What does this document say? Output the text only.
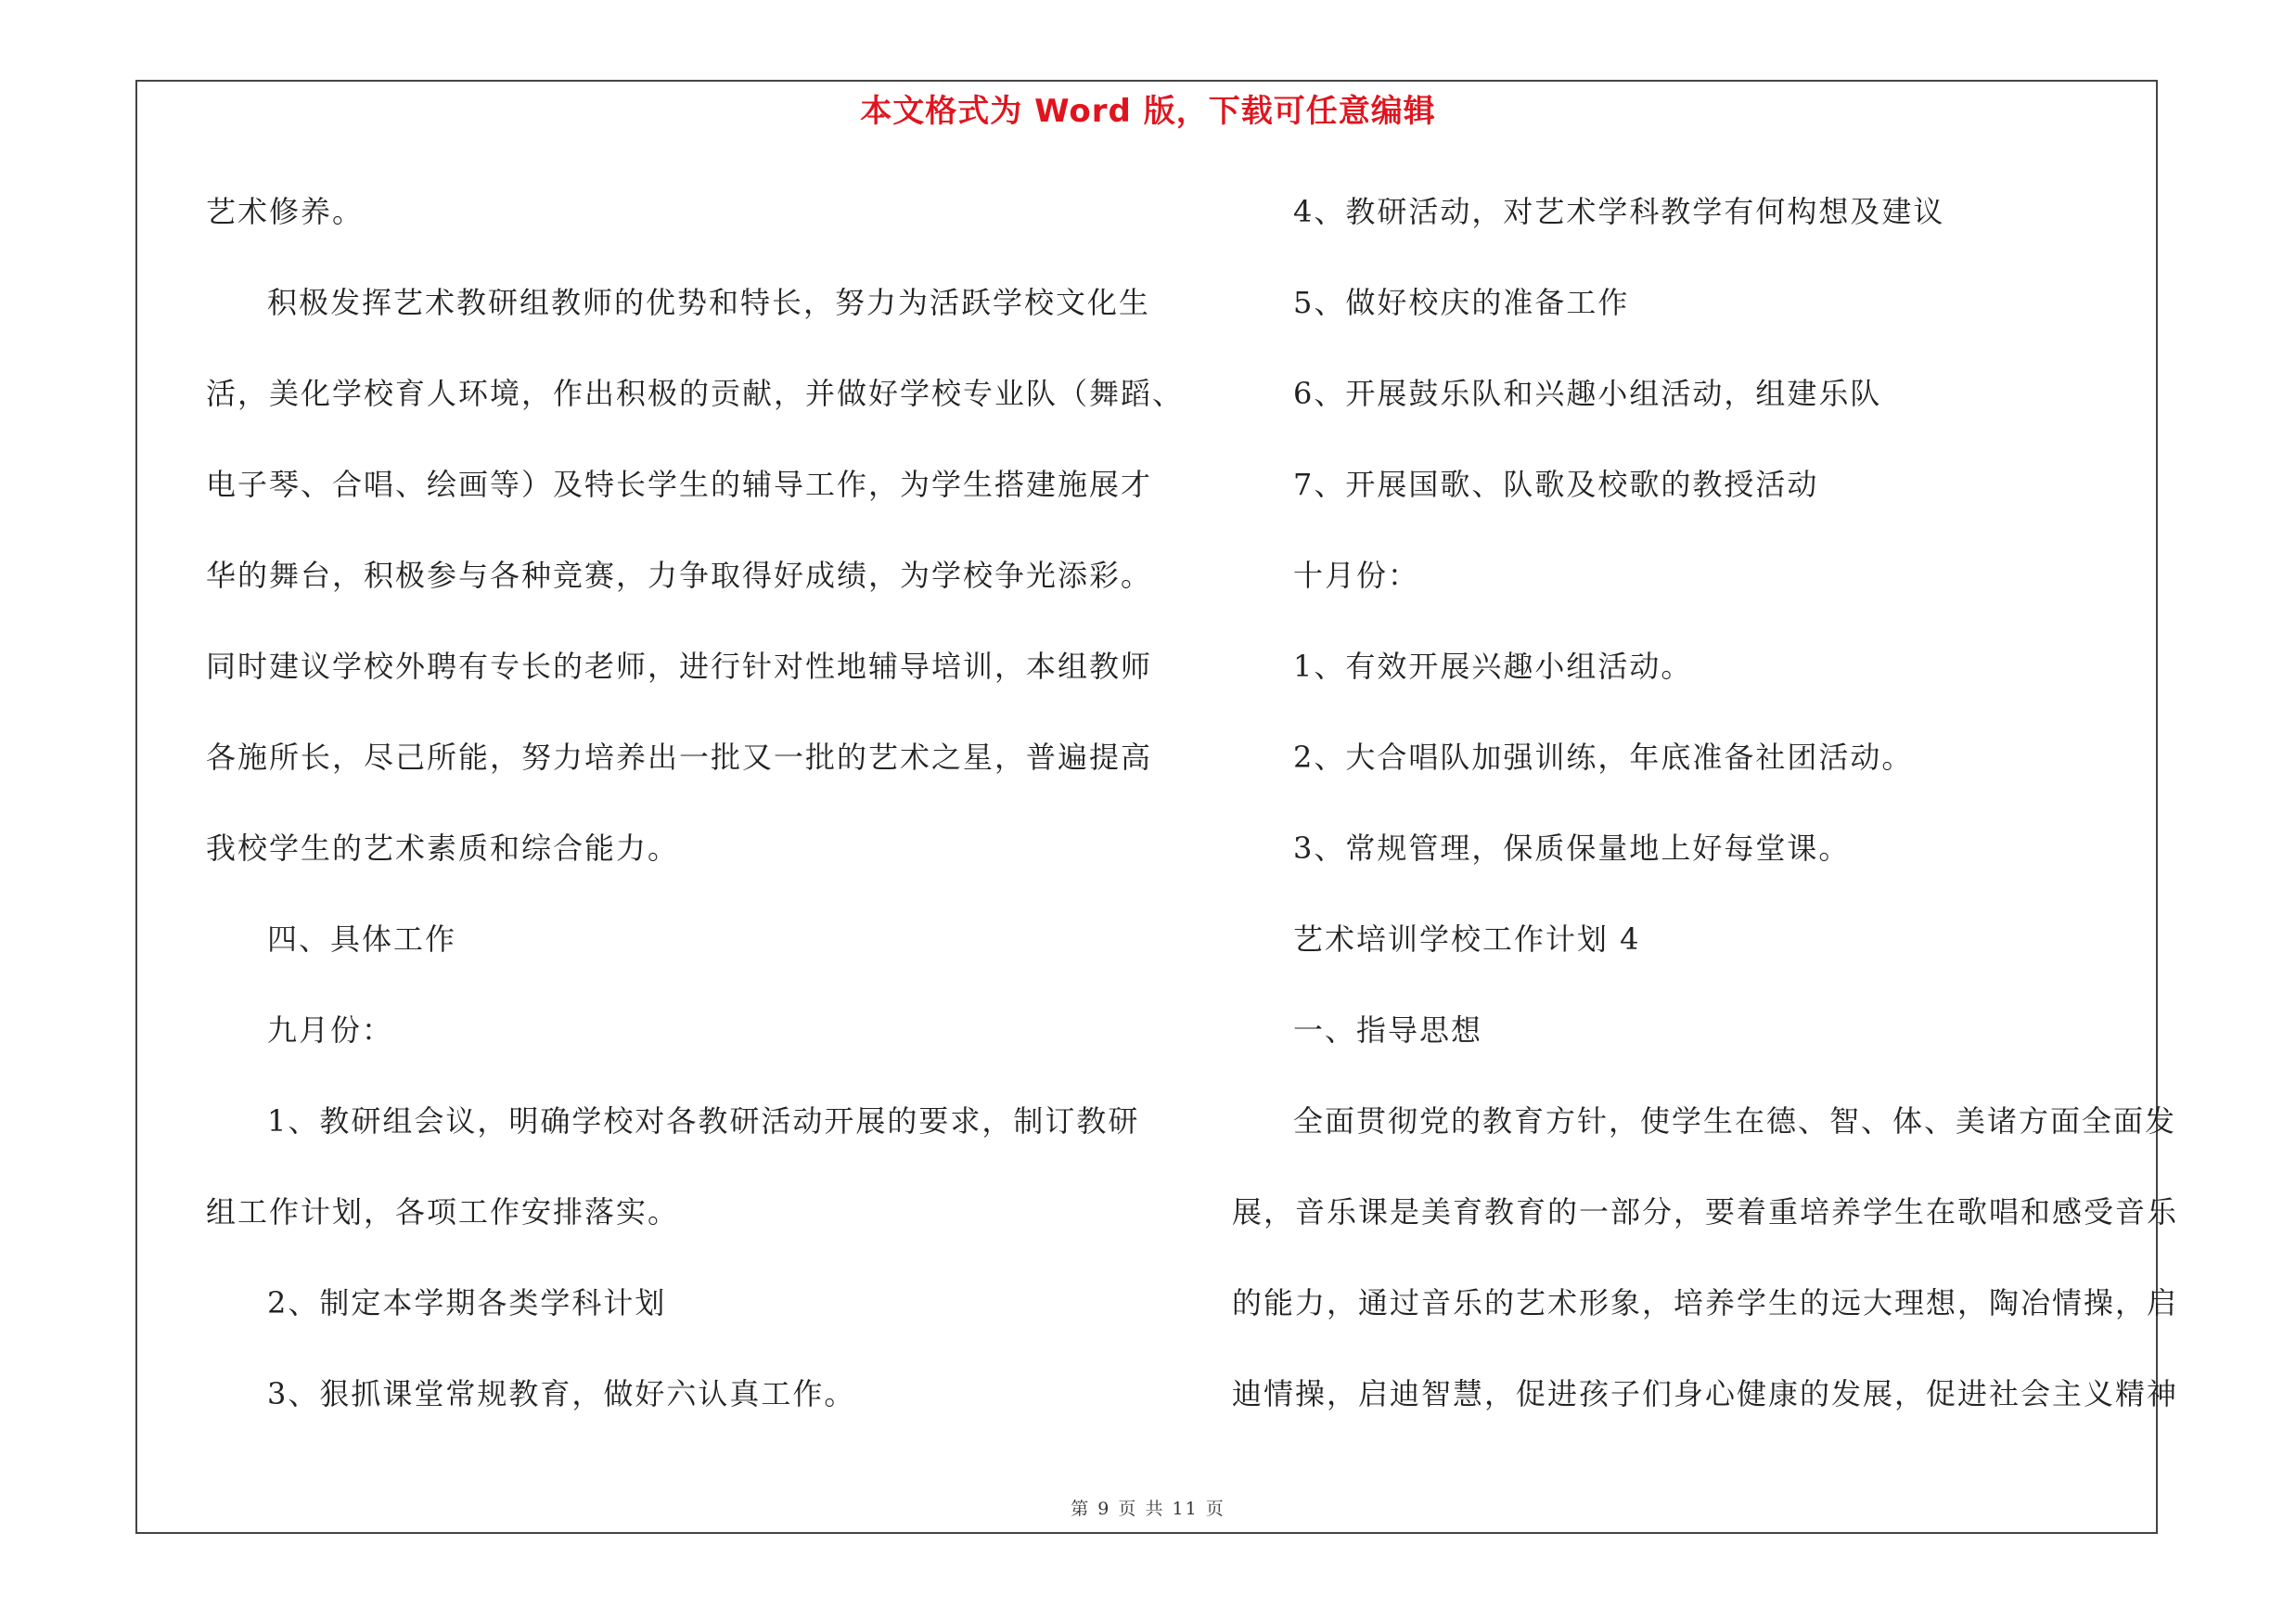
本文格式为 Word 版，下载可任意编辑
艺术修养。
积极发挥艺术教研组教师的优势和特长，努力为活跃学校文化生
活，美化学校育人环境，作出积极的贡献，并做好学校专业队（舞蹈、
电子琴、合唱、绘画等）及特长学生的辅导工作，为学生搭建施展才
华的舞台，积极参与各种竞赛，力争取得好成绩，为学校争光添彩。
同时建议学校外聘有专长的老师，进行针对性地辅导培训，本组教师
各施所长，尽己所能，努力培养出一批又一批的艺术之星，普遍提高
我校学生的艺术素质和综合能力。
四、具体工作
九月份：
1、教研组会议，明确学校对各教研活动开展的要求，制订教研
组工作计划，各项工作安排落实。
2、制定本学期各类学科计划
3、狠抓课堂常规教育，做好六认真工作。
4、教研活动，对艺术学科教学有何构想及建议
5、做好校庆的准备工作
6、开展鼓乐队和兴趣小组活动，组建乐队
7、开展国歌、队歌及校歌的教授活动
十月份：
1、有效开展兴趣小组活动。
2、大合唱队加强训练，年底准备社团活动。
3、常规管理，保质保量地上好每堂课。
艺术培训学校工作计划 4
一、指导思想
全面贯彻党的教育方针，使学生在德、智、体、美诸方面全面发
展，音乐课是美育教育的一部分，要着重培养学生在歌唱和感受音乐
的能力，通过音乐的艺术形象，培养学生的远大理想，陶冶情操，启
迪情操，启迪智慧，促进孩子们身心健康的发展，促进社会主义精神
第 9 页 共 11 页
